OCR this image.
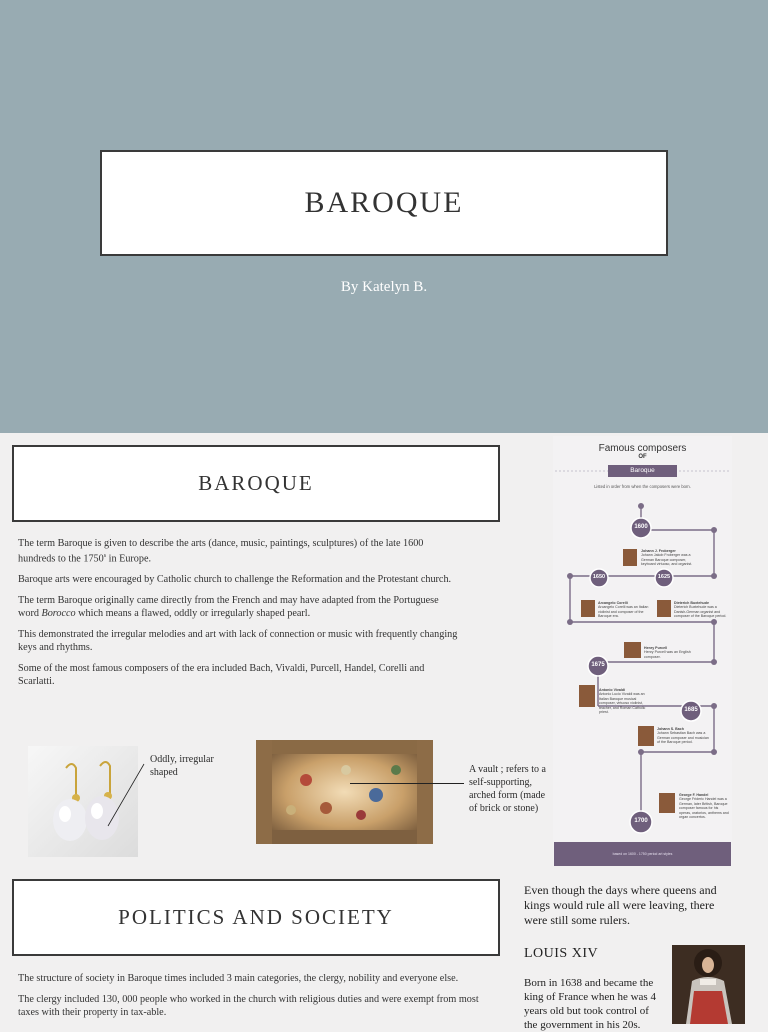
BAROQUE
By Katelyn B.
BAROQUE

The term Baroque is given to describe the arts (dance, music, paintings, sculptures) of the late 1600 hundreds to the 1750$^s$ in Europe.

Baroque arts were encouraged by Catholic church to challenge the Reformation and the Protestant church.

The term Baroque originally came directly from the French and may have adapted from the Portuguese word Borocco which means a flawed, oddly or irregularly shaped pearl.

This demonstrated the irregular melodies and art with lack of connection or music with frequently changing keys and rhythms.

Some of the most famous composers of the era included Bach, Vivaldi, Purcell, Handel, Corelli and Scarlatti.

Oddly, irregular shaped	A vault ; refers to a self-supporting, arched form (made of brick or stone)
Famous composers
OF
Baroque
Listed in order from when the composers were born.
1600
1650	1625
1675
1685
1700
Johann J. Froberger
Johann Jakob Froberger was a German Baroque composer, keyboard virtuoso, and organist.
Arcangelo Corelli
Arcangelo Corelli was an Italian violinist and composer of the Baroque era.
Dieterich Buxtehude
Dieterich Buxtehude was a Danish-German organist and composer of the Baroque period.
Henry Purcell
Henry Purcell was an English composer.
Antonio Vivaldi
Antonio Lucio Vivaldi was an Italian Baroque musical composer, virtuoso violinist, teacher, and Roman Catholic priest.
Johann S. Bach
Johann Sebastian Bach was a German composer and musician of the Baroque period.
George F. Handel
George Frideric Handel was a German, later British, Baroque composer famous for his operas, oratorios, anthems and organ concertos.
based on 1600 - 1750 period art styles
POLITICS AND SOCIETY

The structure of society in Baroque times included 3 main categories, the clergy, nobility and everyone else.

The clergy included 130, 000 people who worked in the church with religious duties and were exempt from most taxes with their property in tax-able.

Even though the days where queens and kings would rule all were leaving, there were still some rulers.
LOUIS XIV
Born in 1638 and became the king of France when he was 4 years old but took control of the government in his 20s.
